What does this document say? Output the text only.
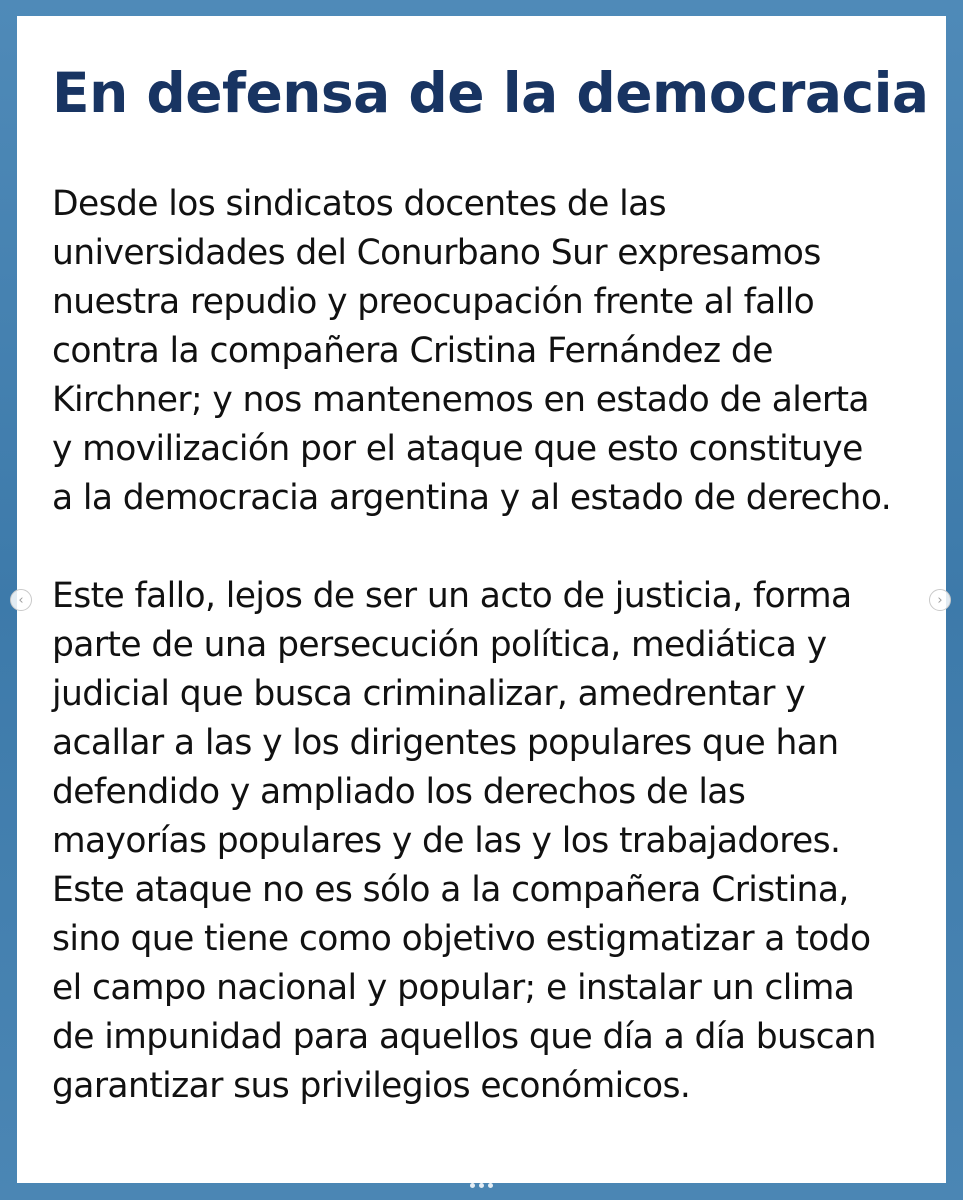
En defensa de la democracia
Desde los sindicatos docentes de las
universidades del Conurbano Sur expresamos
nuestra repudio y preocupación frente al fallo
contra la compañera Cristina Fernández de
Kirchner; y nos mantenemos en estado de alerta
y movilización por el ataque que esto constituye
a la democracia argentina y al estado de derecho.
Este fallo, lejos de ser un acto de justicia, forma
parte de una persecución política, mediática y
judicial que busca criminalizar, amedrentar y
acallar a las y los dirigentes populares que han
defendido y ampliado los derechos de las
mayorías populares y de las y los trabajadores.
Este ataque no es sólo a la compañera Cristina,
sino que tiene como objetivo estigmatizar a todo
el campo nacional y popular; e instalar un clima
de impunidad para aquellos que día a día buscan
garantizar sus privilegios económicos.
‹	›
